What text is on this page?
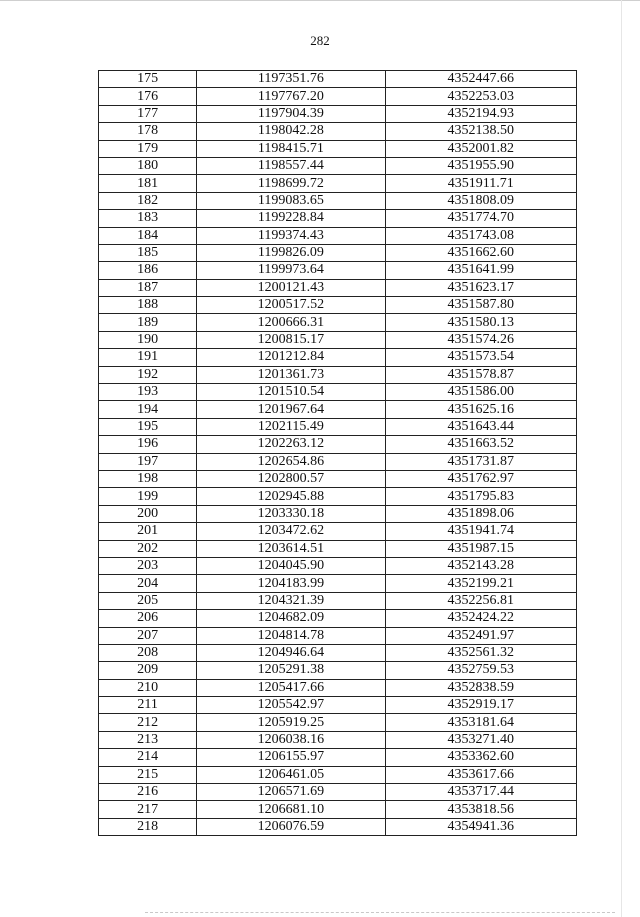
282
175	1197351.76	4352447.66
176	1197767.20	4352253.03
177	1197904.39	4352194.93
178	1198042.28	4352138.50
179	1198415.71	4352001.82
180	1198557.44	4351955.90
181	1198699.72	4351911.71
182	1199083.65	4351808.09
183	1199228.84	4351774.70
184	1199374.43	4351743.08
185	1199826.09	4351662.60
186	1199973.64	4351641.99
187	1200121.43	4351623.17
188	1200517.52	4351587.80
189	1200666.31	4351580.13
190	1200815.17	4351574.26
191	1201212.84	4351573.54
192	1201361.73	4351578.87
193	1201510.54	4351586.00
194	1201967.64	4351625.16
195	1202115.49	4351643.44
196	1202263.12	4351663.52
197	1202654.86	4351731.87
198	1202800.57	4351762.97
199	1202945.88	4351795.83
200	1203330.18	4351898.06
201	1203472.62	4351941.74
202	1203614.51	4351987.15
203	1204045.90	4352143.28
204	1204183.99	4352199.21
205	1204321.39	4352256.81
206	1204682.09	4352424.22
207	1204814.78	4352491.97
208	1204946.64	4352561.32
209	1205291.38	4352759.53
210	1205417.66	4352838.59
211	1205542.97	4352919.17
212	1205919.25	4353181.64
213	1206038.16	4353271.40
214	1206155.97	4353362.60
215	1206461.05	4353617.66
216	1206571.69	4353717.44
217	1206681.10	4353818.56
218	1206076.59	4354941.36
